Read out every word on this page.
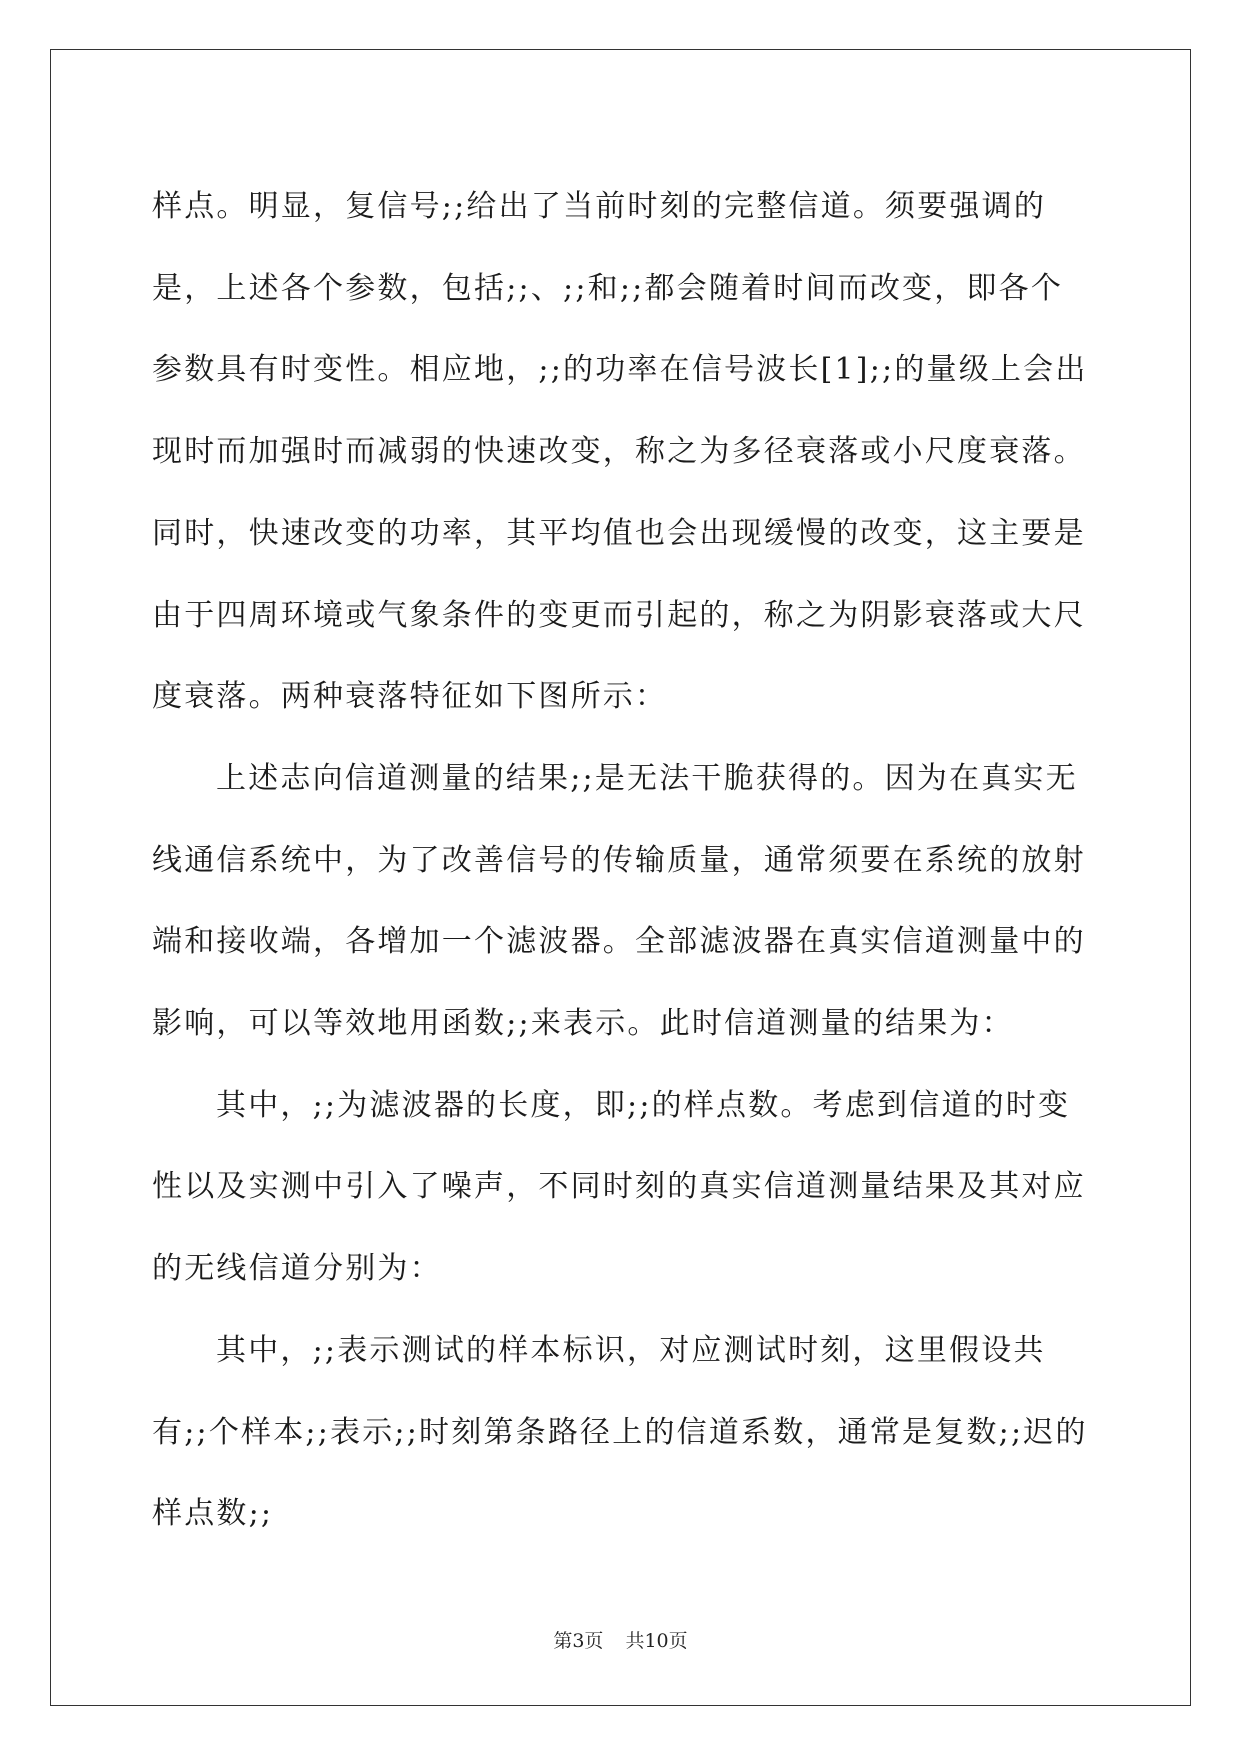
样点。明显，复信号;;给出了当前时刻的完整信道。须要强调的是，上述各个参数，包括;;、;;和;;都会随着时间而改变，即各个参数具有时变性。相应地，;;的功率在信号波长[1];;的量级上会出现时而加强时而减弱的快速改变，称之为多径衰落或小尺度衰落。同时，快速改变的功率，其平均值也会出现缓慢的改变，这主要是由于四周环境或气象条件的变更而引起的，称之为阴影衰落或大尺度衰落。两种衰落特征如下图所示：

上述志向信道测量的结果;;是无法干脆获得的。因为在真实无线通信系统中，为了改善信号的传输质量，通常须要在系统的放射端和接收端，各增加一个滤波器。全部滤波器在真实信道测量中的影响，可以等效地用函数;;来表示。此时信道测量的结果为：

其中，;;为滤波器的长度，即;;的样点数。考虑到信道的时变性以及实测中引入了噪声，不同时刻的真实信道测量结果及其对应的无线信道分别为：

其中，;;表示测试的样本标识，对应测试时刻，这里假设共有;;个样本;;表示;;时刻第条路径上的信道系数，通常是复数;;迟的样点数;;

第3页 共10页
